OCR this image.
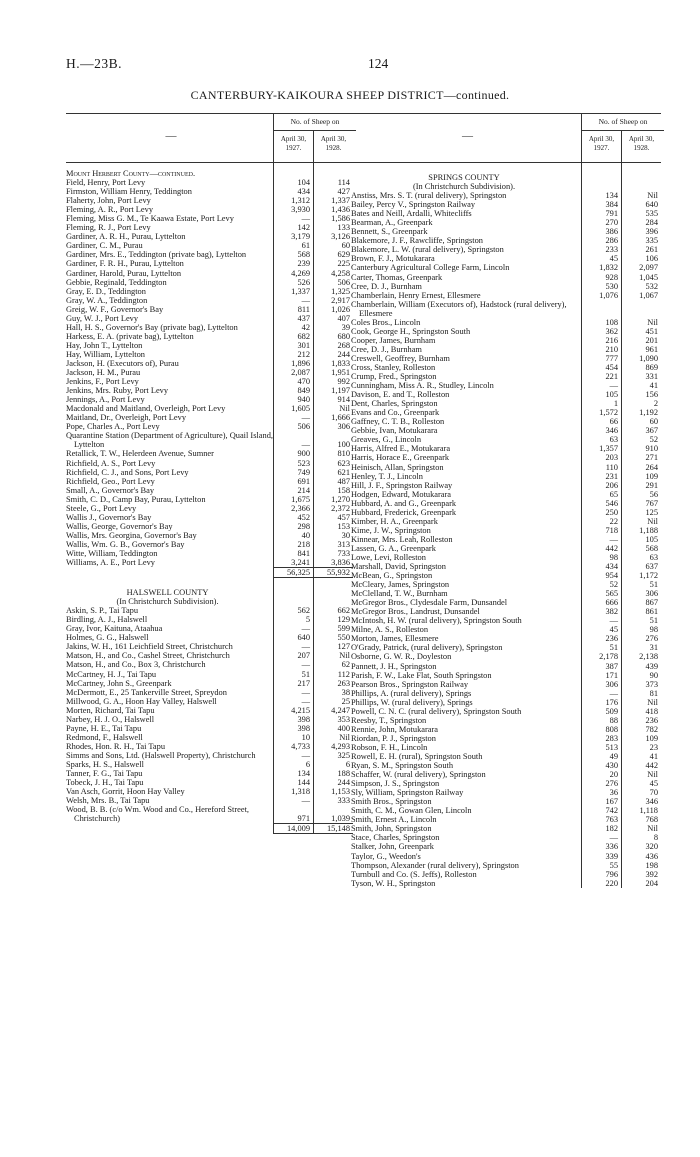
H.—23B.	124
CANTERBURY-KAIKOURA SHEEP DISTRICT—continued.
—
No. of Sheep on
April 30, 1927.
April 30, 1928.
Mount Herbert County—continued.
Field, Henry, Port Levy	104	114
Firmston, William Henry, Teddington	434	427
Flaherty, John, Port Levy	1,312	1,337
Fleming, A. R., Port Levy	3,930	1,436
Fleming, Miss G. M., Te Kaawa Estate, Port Levy	—	1,586
Fleming, R. J., Port Levy	142	133
Gardiner, A. R. H., Purau, Lyttelton	3,179	3,126
Gardiner, C. M., Purau	61	60
Gardiner, Mrs. E., Teddington (private bag), Lyttelton	568	629
Gardiner, F. R. H., Purau, Lyttelton	239	225
Gardiner, Harold, Purau, Lyttelton	4,269	4,258
Gebbie, Reginald, Teddington	526	506
Gray, E. D., Teddington	1,337	1,325
Gray, W. A., Teddington	—	2,917
Greig, W. F., Governor's Bay	811	1,026
Guy, W. J., Port Levy	437	407
Hall, H. S., Governor's Bay (private bag), Lyttelton	42	39
Harkess, E. A. (private bag), Lyttelton	682	680
Hay, John T., Lyttelton	301	268
Hay, William, Lyttelton	212	244
Jackson, H. (Executors of), Purau	1,896	1,833
Jackson, H. M., Purau	2,087	1,951
Jenkins, F., Port Levy	470	992
Jenkins, Mrs. Ruby, Port Levy	849	1,197
Jennings, A., Port Levy	940	914
Macdonald and Maitland, Overleigh, Port Levy	1,605	Nil
Maitland, Dr., Overleigh, Port Levy	—	1,666
Pope, Charles A., Port Levy	506	306
Quarantine Station (Department of Agriculture), Quail Island, Lyttelton	—	100
Retallick, T. W., Helerdeen Avenue, Sumner	900	810
Richfield, A. S., Port Levy	523	623
Richfield, C. J., and Sons, Port Levy	749	621
Richfield, Geo., Port Levy	691	487
Small, A., Governor's Bay	214	158
Smith, C. D., Camp Bay, Purau, Lyttelton	1,675	1,270
Steele, G., Port Levy	2,366	2,372
Wallis J., Governor's Bay	452	457
Wallis, George, Governor's Bay	298	153
Wallis, Mrs. Georgina, Governor's Bay	40	30
Wallis, Wm. G. B., Governor's Bay	218	313
Witte, William, Teddington	841	733
Williams, A. E., Port Levy	3,241	3,836
56,325	55,932
HALSWELL COUNTY
(In Christchurch Subdivision).
Askin, S. P., Tai Tapu	562	662
Birdling, A. J., Halswell	5	129
Gray, Ivor, Kaituna, Ataahua	—	599
Holmes, G. G., Halswell	640	550
Jakins, W. H., 161 Leichfield Street, Christchurch	—	127
Matson, H., and Co., Cashel Street, Christchurch	207	Nil
Matson, H., and Co., Box 3, Christchurch	—	62
McCartney, H. J., Tai Tapu	51	112
McCartney, John S., Greenpark	217	263
McDermott, E., 25 Tankerville Street, Spreydon	—	38
Millwood, G. A., Hoon Hay Valley, Halswell	—	25
Morten, Richard, Tai Tapu	4,215	4,247
Narbey, H. J. O., Halswell	398	353
Payne, H. E., Tai Tapu	398	400
Redmond, F., Halswell	10	Nil
Rhodes, Hon. R. H., Tai Tapu	4,733	4,293
Simms and Sons, Ltd. (Halswell Property), Christchurch	—	325
Sparks, H. S., Halswell	6	6
Tanner, F. G., Tai Tapu	134	188
Tobeck, J. H., Tai Tapu	144	244
Van Asch, Gorrit, Hoon Hay Valley	1,318	1,153
Welsh, Mrs. B., Tai Tapu	—	333
Wood, B. B. (c/o Wm. Wood and Co., Hereford Street, Christchurch)	971	1,039
14,009	15,148
—
No. of Sheep on
April 30, 1927.
April 30, 1928.
SPRINGS COUNTY
(In Christchurch Subdivision).
Anstiss, Mrs. S. T. (rural delivery), Springston	134	Nil
Bailey, Percy V., Springston Railway	384	640
Bates and Neill, Ardalli, Whitecliffs	791	535
Bearman, A., Greenpark	270	284
Bennett, S., Greenpark	386	396
Blakemore, J. F., Rawcliffe, Springston	286	335
Blakemore, L. W. (rural delivery), Springston	233	261
Brown, F. J., Motukarara	45	106
Canterbury Agricultural College Farm, Lincoln	1,832	2,097
Carter, Thomas, Greenpark	928	1,045
Cree, D. J., Burnham	530	532
Chamberlain, Henry Ernest, Ellesmere	1,076	1,067
Chamberlain, William (Executors of), Hadstock (rural delivery), Ellesmere
Coles Bros., Lincoln	108	Nil
Cook, George H., Springston South	362	451
Cooper, James, Burnham	216	201
Cree, D. J., Burnham	210	961
Creswell, Geoffrey, Burnham	777	1,090
Cross, Stanley, Rolleston	454	869
Crump, Fred., Springston	221	331
Cunningham, Miss A. R., Studley, Lincoln	—	41
Davison, E. and T., Rolleston	105	156
Dent, Charles, Springston	1	2
Evans and Co., Greenpark	1,572	1,192
Gaffney, C. T. B., Rolleston	66	60
Gebbie, Ivan, Motukarara	346	367
Greaves, G., Lincoln	63	52
Harris, Alfred E., Motukarara	1,357	910
Harris, Horace E., Greenpark	203	271
Heinisch, Allan, Springston	110	264
Henley, T. J., Lincoln	231	109
Hill, J. F., Springston Railway	206	291
Hodgen, Edward, Motukarara	65	56
Hubbard, A. and G., Greenpark	546	767
Hubbard, Frederick, Greenpark	250	125
Kimber, H. A., Greenpark	22	Nil
Kime, J. W., Springston	718	1,188
Kinnear, Mrs. Leah, Rolleston	—	105
Lassen, G. A., Greenpark	442	568
Lowe, Levi, Rolleston	98	63
Marshall, David, Springston	434	637
McBean, G., Springston	954	1,172
McCleary, James, Springston	52	51
McClelland, T. W., Burnham	565	306
McGregor Bros., Clydesdale Farm, Dunsandel	666	867
McGregor Bros., Landrust, Dunsandel	382	861
McIntosh, H. W. (rural delivery), Springston South	—	51
Milne, A. S., Rolleston	45	98
Morton, James, Ellesmere	236	276
O'Grady, Patrick, (rural delivery), Springston	51	31
Osborne, G. W. R., Doyleston	2,178	2,138
Pannett, J. H., Springston	387	439
Parish, F. W., Lake Flat, South Springston	171	90
Pearson Bros., Springston Railway	306	373
Phillips, A. (rural delivery), Springs	—	81
Phillips, W. (rural delivery), Springs	176	Nil
Powell, C. N. C. (rural delivery), Springston South	509	418
Reesby, T., Springston	88	236
Rennie, John, Motukarara	808	782
Riordan, P. J., Springston	283	109
Robson, F. H., Lincoln	513	23
Rowell, E. H. (rural), Springston South	49	41
Ryan, S. M., Springston South	430	442
Schaffer, W. (rural delivery), Springston	20	Nil
Simpson, J. S., Springston	276	45
Sly, William, Springston Railway	36	70
Smith Bros., Springston	167	346
Smith, C. M., Gowan Glen, Lincoln	742	1,118
Smith, Ernest A., Lincoln	763	768
Smith, John, Springston	182	Nil
Stace, Charles, Springston	—	8
Stalker, John, Greenpark	336	320
Taylor, G., Weedon's	339	436
Thompson, Alexander (rural delivery), Springston	55	198
Turnbull and Co. (S. Jeffs), Rolleston	796	392
Tyson, W. H., Springston	220	204
